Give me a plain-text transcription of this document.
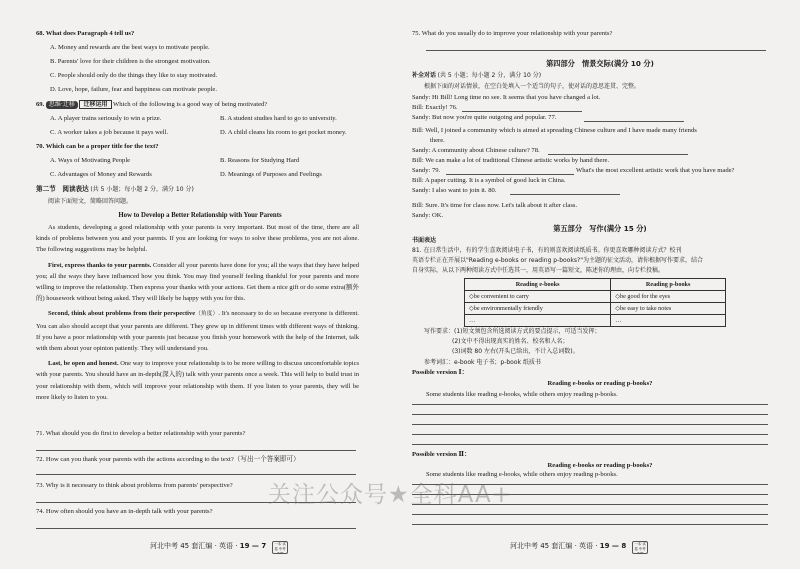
68. What does Paragraph 4 tell us?
A. Money and rewards are the best ways to motivate people.
B. Parents' love for their children is the strongest motivation.
C. People should only do the things they like to stay motivated.
D. Love, hope, failure, fear and happiness can motivate people.
69. 思维·迁移 迁移运用 Which of the following is a good way of being motivated?
A. A player trains seriously to win a prize.	B. A student studies hard to go to university.
C. A worker takes a job because it pays well.	D. A child cleans his room to get pocket money.
70. Which can be a proper title for the text?
A. Ways of Motivating People	B. Reasons for Studying Hard
C. Advantages of Money and Rewards	D. Meanings of Purposes and Feelings
第二节　阅读表达 (共 5 小题；每小题 2 分，满分 10 分)
阅读下面短文，简略回答问题。
How to Develop a Better Relationship with Your Parents

As students, developing a good relationship with your parents is very important. But most of the time, there are all kinds of problems between you and your parents. If you are looking for ways to solve these problems, you are not alone. The following suggestions may be helpful.

First, express thanks to your parents. Consider all your parents have done for you; all the ways that they have helped you; all the ways they have influenced how you think. You may find yourself feeling thankful for your parents and more willing to improve the relationship. Then express your thanks with your actions. Get them a nice gift or do some extra(额外的) housework without being asked. They will likely be happy with you for this.

Second, think about problems from their perspective（角度）. It's necessary to do so because everyone is different. You can also should accept that your parents are different. They grew up in different times with different ways of thinking. If you have a poor relationship with your parents just because you finish your homework with the help of the Internet, talk with them about your opinion patiently. They will understand you.

Last, be open and honest. One way to improve your relationship is to be more willing to discuss uncomfortable topics with your parents. You should have an in-depth(深入的) talk with your parents once a week. This will help to build trust in your relationship with them, which will improve your relationship with them. If you listen to your parents, they will be more likely to listen to you.

71. What should you do first to develop a better relationship with your parents?
72. How can you thank your parents with the actions according to the text?（写出一个答案即可）
73. Why is it necessary to think about problems from parents' perspective?
74. How often should you have an in-depth talk with your parents?
河北中考 45 套汇编 · 英语 · 19 — 7	一本·试卷 中考真题
75. What do you usually do to improve your relationship with your parents?
第四部分　情景交际(满分 10 分)
补全对话 (共 5 小题；每小题 2 分，满分 10 分)
根据下面的对话情景，在空白处填入一个适当的句子，使对话的意思连贯、完整。
Sandy: Hi Bill! Long time no see. It seems that you have changed a lot.
Bill: Exactly! 76.
Sandy: But now you're quite outgoing and popular. 77.
Bill: Well, I joined a community which is aimed at spreading Chinese culture and I have made many friends
there.
Sandy: A community about Chinese culture? 78.
Bill: We can make a lot of traditional Chinese artistic works by hand there.
Sandy: 79.	What's the most excellent artistic work that you have made?
Bill: A paper cutting. It is a symbol of good luck in China.
Sandy: I also want to join it. 80.
Bill: Sure. It's time for class now. Let's talk about it after class.
Sandy: OK.
第五部分　写作(满分 15 分)
书面表达
81. 在日常生活中，有的学生喜欢阅读电子书，有的则喜欢阅读纸质书。你更喜欢哪种阅读方式？校刊
英语专栏正在开展以"Reading e-books or reading p-books?"为主题的征文活动，请你根据写作要求，结合
自身实际，从以下两种阅读方式中任选其一，用英语写一篇短文，陈述你的理由，向专栏投稿。
Reading e-books	Reading p-books
◇be convenient to carry	◇be good for the eyes
◇be environmentally friendly	◇be easy to take notes
…	…
写作要求：(1)短文须包含所选阅读方式的要点提示，可适当发挥；
(2)文中不得出现真实的姓名、校名和人名；
(3)词数 80 左右(开头已给出，不计入总词数)。
参考词汇：e-book 电子书；p-book 纸质书
Possible version Ⅰ：
Reading e-books or reading p-books?
Some students like reading e-books, while others enjoy reading p-books.
Possible version Ⅱ：
Reading e-books or reading p-books?
Some students like reading e-books, while others enjoy reading p-books.
河北中考 45 套汇编 · 英语 · 19 — 8	一本·试卷 中考真题
关注公众号★全科AA+
